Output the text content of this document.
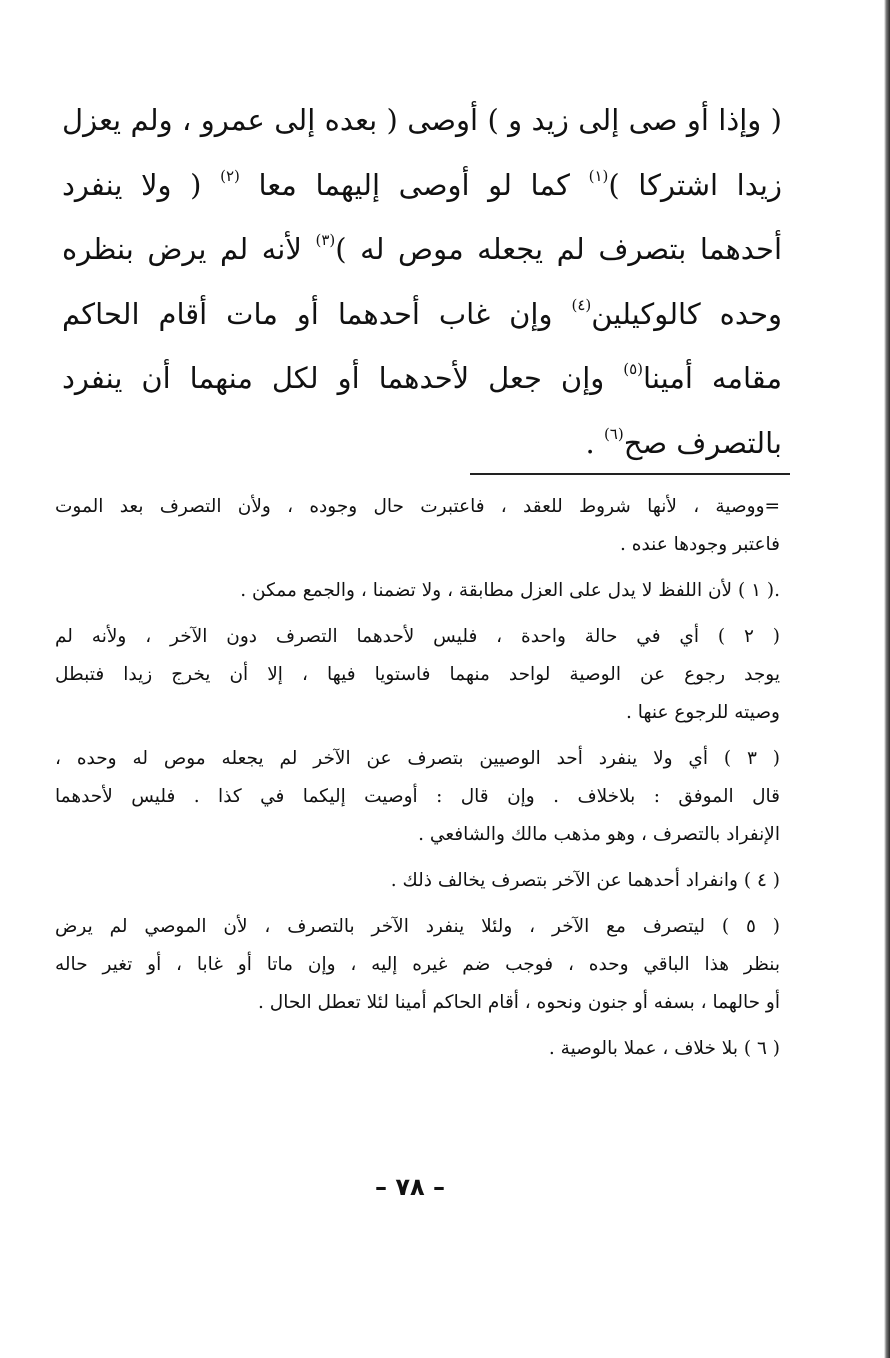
( وإذا أو صى إلى زيد و ) أوصى ( بعده إلى عمرو ، ولم يعزل
زيدا اشتركا )$^{(١)}$ كما لو أوصى إليهما معا $^{(٢)}$ ( ولا ينفرد
أحدهما بتصرف لم يجعله موص له )$^{(٣)}$ لأنه لم يرض بنظره
وحده كالوكيلين$^{(٤)}$ وإن غاب أحدهما أو مات أقام الحاكم
مقامه أمينا$^{(٥)}$ وإن جعل لأحدهما أو لكل منهما أن ينفرد
بالتصرف صح$^{(٦)}$ .
=ووصية ، لأنها شروط للعقد ، فاعتبرت حال وجوده ، ولأن التصرف بعد الموت
فاعتبر وجودها عنده .
.( ١ ) لأن اللفظ لا يدل على العزل مطابقة ، ولا تضمنا ، والجمع ممكن .
( ٢ ) أي في حالة واحدة ، فليس لأحدهما التصرف دون الآخر ، ولأنه لم
يوجد رجوع عن الوصية لواحد منهما فاستويا فيها ، إلا أن يخرج زيدا فتبطل
وصيته للرجوع عنها .
( ٣ ) أي ولا ينفرد أحد الوصيين بتصرف عن الآخر لم يجعله موص له وحده ،
قال الموفق : بلاخلاف . وإن قال : أوصيت إليكما في كذا . فليس لأحدهما
الإنفراد بالتصرف ، وهو مذهب مالك والشافعي .
( ٤ ) وانفراد أحدهما عن الآخر بتصرف يخالف ذلك .
( ٥ ) ليتصرف مع الآخر ، ولئلا ينفرد الآخر بالتصرف ، لأن الموصي لم يرض
بنظر هذا الباقي وحده ، فوجب ضم غيره إليه ، وإن ماتا أو غابا ، أو تغير حاله
أو حالهما ، بسفه أو جنون ونحوه ، أقام الحاكم أمينا لئلا تعطل الحال .
( ٦ ) بلا خلاف ، عملا بالوصية .
– ٧٨ –
